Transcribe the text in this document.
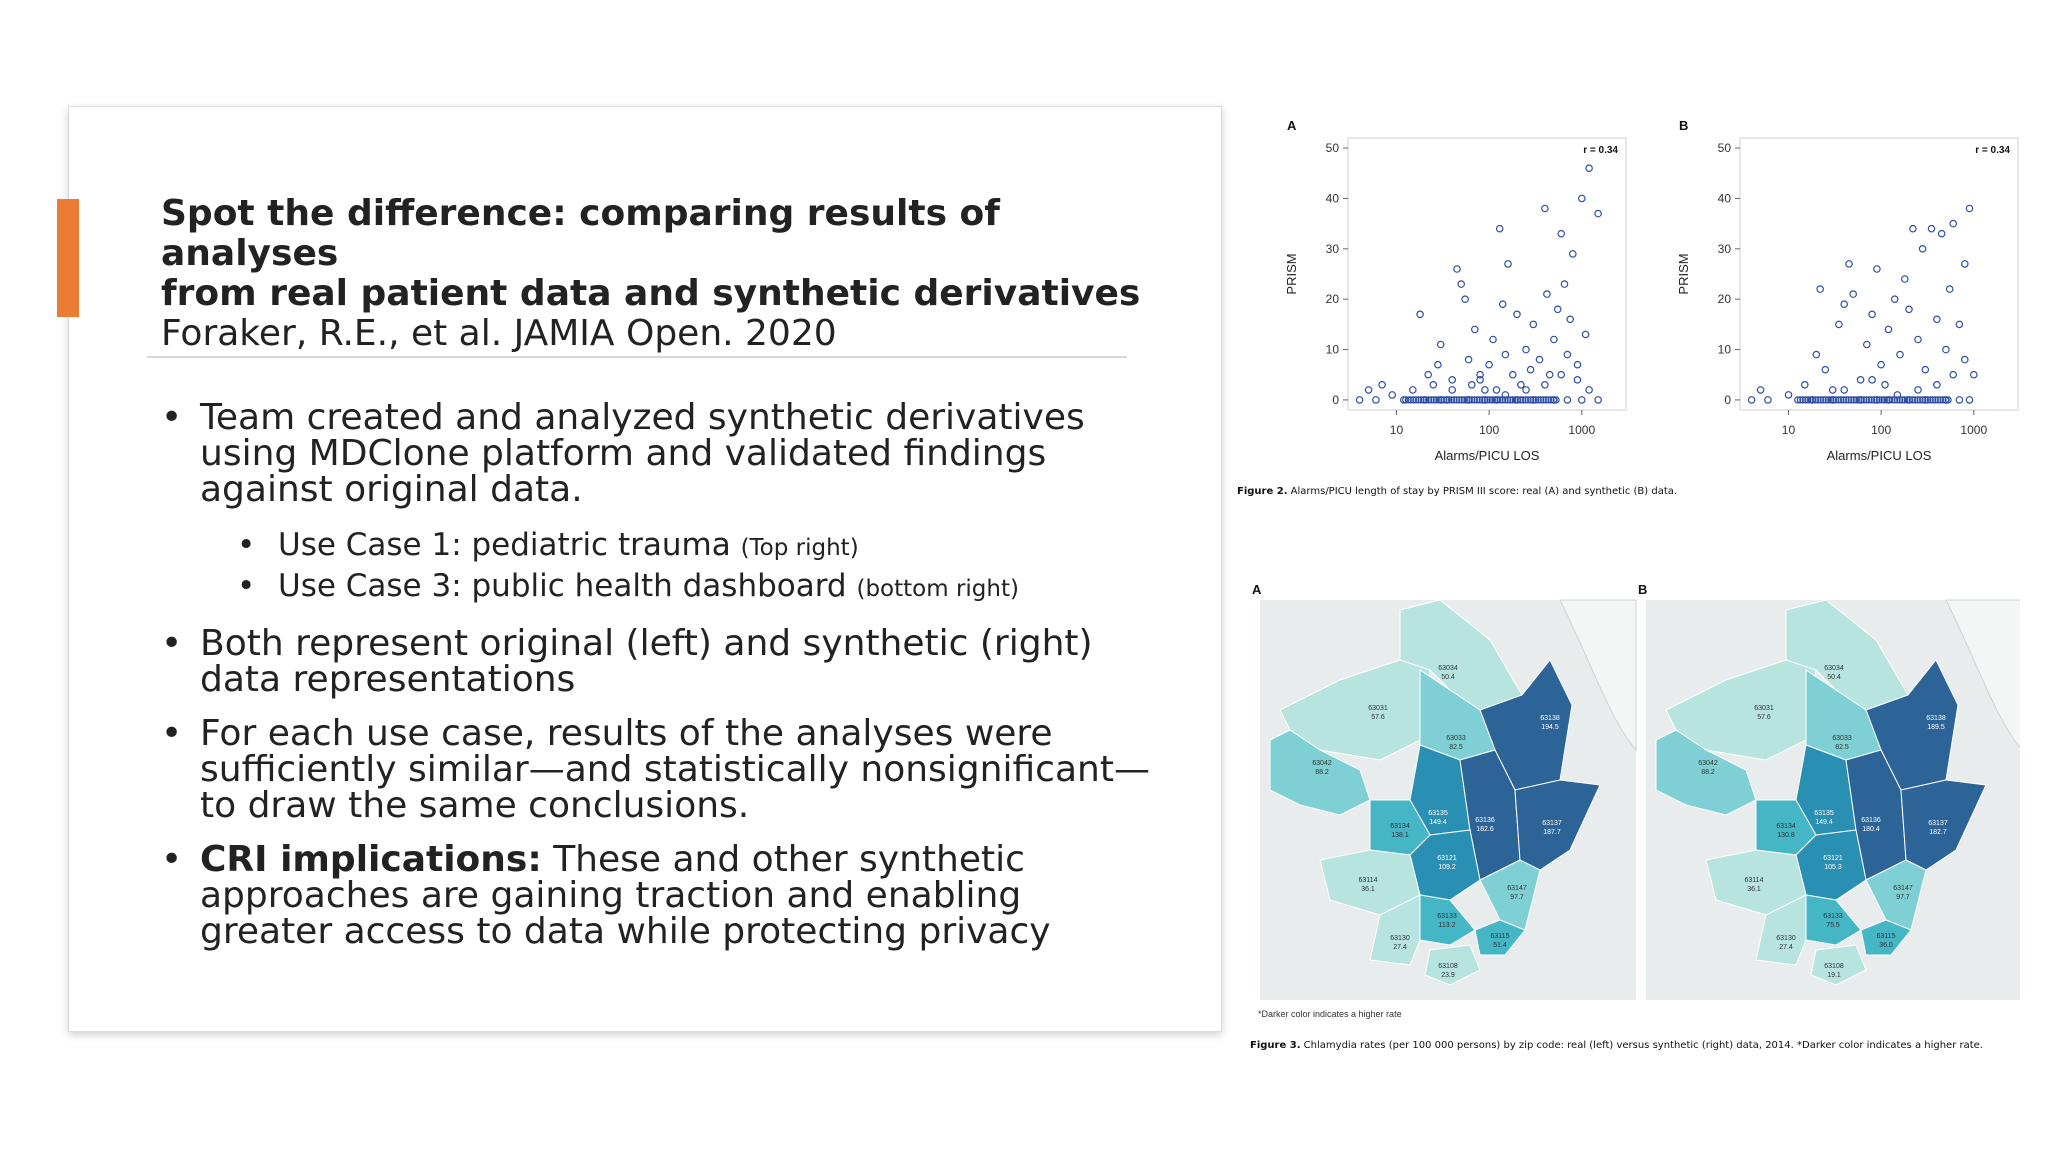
Spot the difference: comparing results of analyses
from real patient data and synthetic derivatives
Foraker, R.E., et al. JAMIA Open. 2020
• Team created and analyzed synthetic derivatives using MDClone platform and validated findings against original data.
• Use Case 1: pediatric trauma (Top right)
• Use Case 3: public health dashboard (bottom right)
• Both represent original (left) and synthetic (right) data representations
• For each use case, results of the analyses were sufficiently similar—and statistically nonsignificant—to draw the same conclusions.
• CRI implications: These and other synthetic approaches are gaining traction and enabling greater access to data while protecting privacy
A
0
10
20
30
40
50
10	100	1000
Alarms/PICU LOS
PRISM
r = 0.34
B
0
10
20
30
40
50
10	100	1000
Alarms/PICU LOS
PRISM
r = 0.34
Figure 2. Alarms/PICU length of stay by PRISM III score: real (A) and synthetic (B) data.
A
63034
50.4
63031
57.6	63138
194.5
63033
82.5
63042
88.2
63135
149.4	63136
182.6
63137
187.7
63134
138.1
63121
109.2
63114
36.1
63133
113.2
63147
97.7
63115
51.4
63130
27.4
63108
23.9
B
63034
50.4
63031
57.6	63138
189.5
63033
82.5
63042
88.2
63135
149.4	63136
180.4
63137
182.7
63134
130.8
63121
105.3
63114
36.1
63133
75.5
63147
97.7
63115
36.0
63130
27.4
63108
19.1
*Darker color indicates a higher rate
Figure 3. Chlamydia rates (per 100 000 persons) by zip code: real (left) versus synthetic (right) data, 2014. *Darker color indicates a higher rate.
